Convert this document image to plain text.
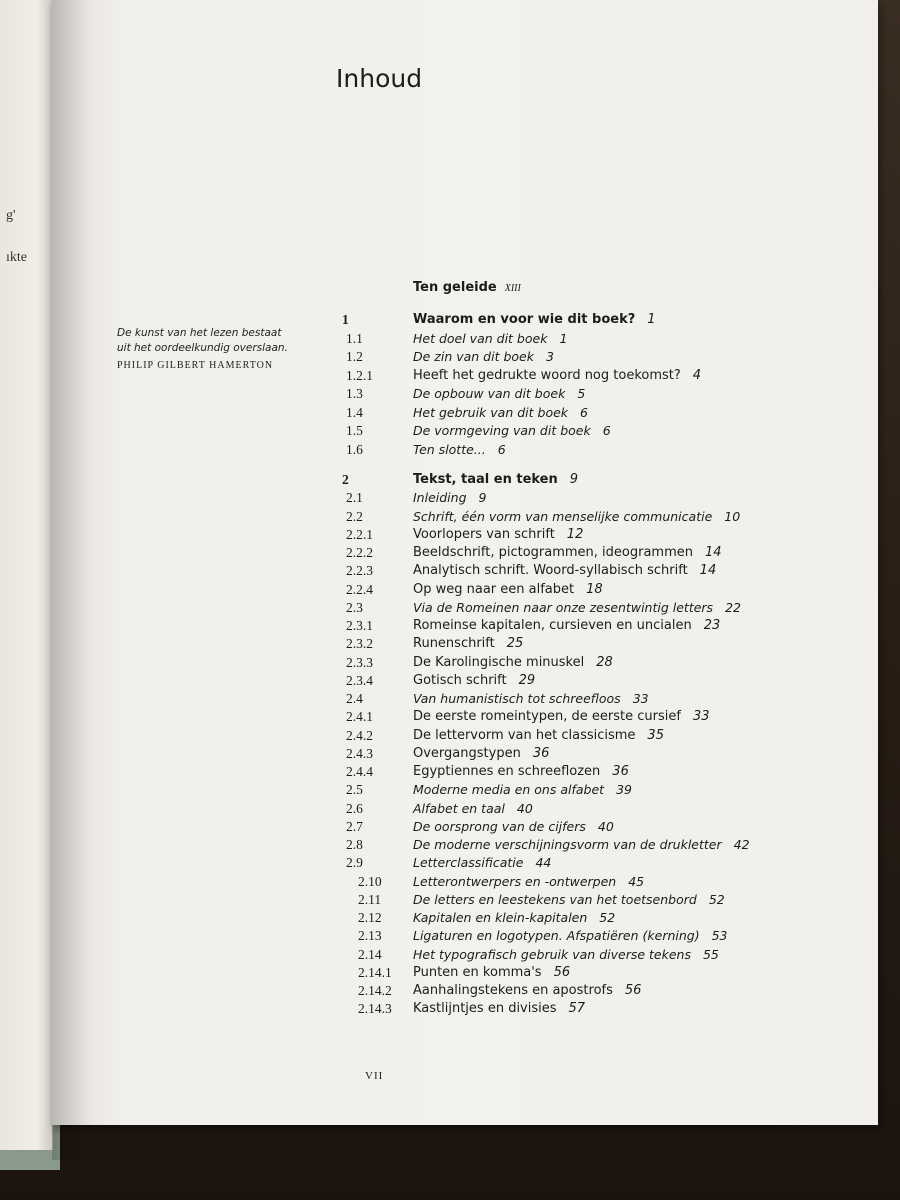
g'
ıkte
Inhoud
De kunst van het lezen bestaat
uit het oordeelkundig overslaan.
PHILIP GILBERT HAMERTON
Ten geleide XIII
1	Waarom en voor wie dit boek? 1
1.1	Het doel van dit boek 1
1.2	De zin van dit boek 3
1.2.1	Heeft het gedrukte woord nog toekomst? 4
1.3	De opbouw van dit boek 5
1.4	Het gebruik van dit boek 6
1.5	De vormgeving van dit boek 6
1.6	Ten slotte... 6
2	Tekst, taal en teken 9
2.1	Inleiding 9
2.2	Schrift, één vorm van menselijke communicatie 10
2.2.1	Voorlopers van schrift 12
2.2.2	Beeldschrift, pictogrammen, ideogrammen 14
2.2.3	Analytisch schrift. Woord-syllabisch schrift 14
2.2.4	Op weg naar een alfabet 18
2.3	Via de Romeinen naar onze zesentwintig letters 22
2.3.1	Romeinse kapitalen, cursieven en uncialen 23
2.3.2	Runenschrift 25
2.3.3	De Karolingische minuskel 28
2.3.4	Gotisch schrift 29
2.4	Van humanistisch tot schreefloos 33
2.4.1	De eerste romeintypen, de eerste cursief 33
2.4.2	De lettervorm van het classicisme 35
2.4.3	Overgangstypen 36
2.4.4	Egyptiennes en schreeflozen 36
2.5	Moderne media en ons alfabet 39
2.6	Alfabet en taal 40
2.7	De oorsprong van de cijfers 40
2.8	De moderne verschijningsvorm van de drukletter 42
2.9	Letterclassificatie 44
2.10	Letterontwerpers en -ontwerpen 45
2.11	De letters en leestekens van het toetsenbord 52
2.12	Kapitalen en klein-kapitalen 52
2.13	Ligaturen en logotypen. Afspatiëren (kerning) 53
2.14	Het typografisch gebruik van diverse tekens 55
2.14.1 Punten en komma's 56
2.14.2 Aanhalingstekens en apostrofs 56
2.14.3 Kastlijntjes en divisies 57
VII
